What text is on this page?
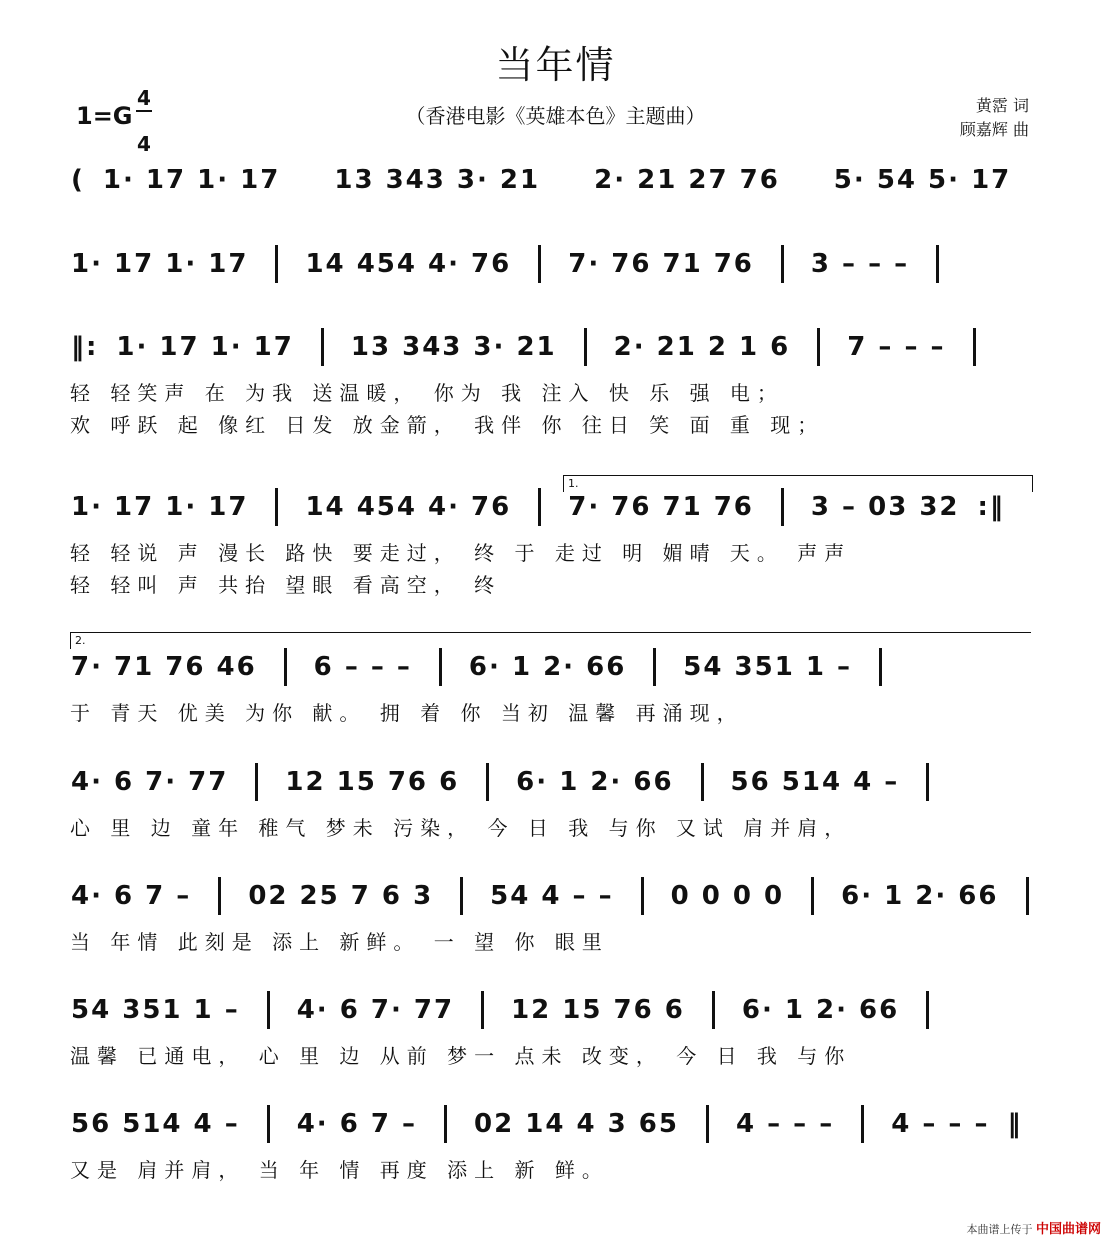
当年情
1=G
4
4
（香港电影《英雄本色》主题曲）	黄霑 词
顾嘉辉 曲
( 1· 17 1· 17 13 343 3· 21 2· 21 27 76 5· 54 5· 17
1· 17 1· 17 14 454 4· 76 7· 76 71 76 3 – – –
‖: 1· 17 1· 17 13 343 3· 21 2· 21 2 1 6 7 – – –
轻 轻笑声 在 为我 送温暖， 你为 我 注入 快 乐 强 电；
欢 呼跃 起 像红 日发 放金箭， 我伴 你 往日 笑 面 重 现；
1· 17 1· 17 14 454 4· 76 7· 76 71 76 3 – 03 32 :‖
轻 轻说 声 漫长 路快 要走过， 终 于 走过 明 媚晴 天。 声声
轻 轻叫 声 共抬 望眼 看高空， 终
7· 71 76 46 6 – – – 6· 1 2· 66 54 351 1 –
于 青天 优美 为你 献。 拥 着 你 当初 温馨 再涌现，
4· 6 7· 77 12 15 76 6 6· 1 2· 66 56 514 4 –
心 里 边 童年 稚气 梦未 污染， 今 日 我 与你 又试 肩并肩，
4· 6 7 – 02 25 7 6 3 54 4 – – 0 0 0 0 6· 1 2· 66
当 年情 此刻是 添上 新鲜。 一 望 你 眼里
54 351 1 – 4· 6 7· 77 12 15 76 6 6· 1 2· 66
温馨 已通电， 心 里 边 从前 梦一 点未 改变， 今 日 我 与你
56 514 4 – 4· 6 7 – 02 14 4 3 65 4 – – – 4 – – – ‖
又是 肩并肩， 当 年 情 再度 添上 新 鲜。
1.
2.
本曲谱上传于 中国曲谱网
